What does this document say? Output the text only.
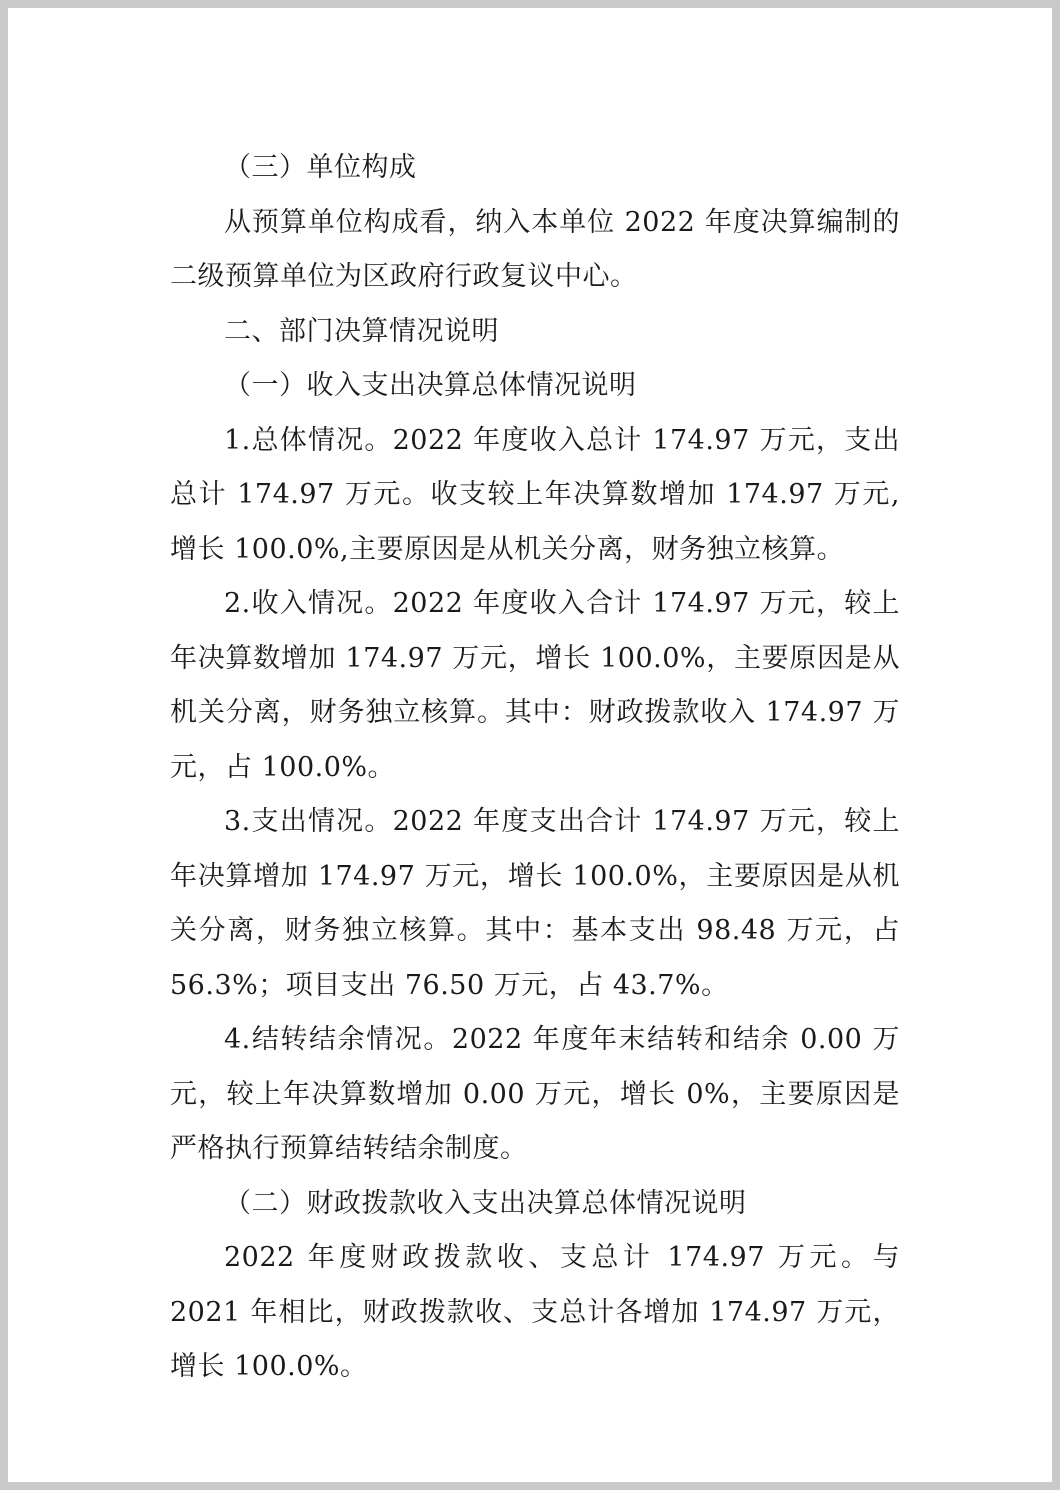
（三）单位构成

从预算单位构成看，纳入本单位 2022 年度决算编制的二级预算单位为区政府行政复议中心。

二、部门决算情况说明

（一）收入支出决算总体情况说明

1.总体情况。2022 年度收入总计 174.97 万元，支出总计 174.97 万元。收支较上年决算数增加 174.97 万元,增长 100.0%,主要原因是从机关分离，财务独立核算。

2.收入情况。2022 年度收入合计 174.97 万元，较上年决算数增加 174.97 万元，增长 100.0%，主要原因是从机关分离，财务独立核算。其中：财政拨款收入 174.97 万元，占 100.0%。

3.支出情况。2022 年度支出合计 174.97 万元，较上年决算增加 174.97 万元，增长 100.0%，主要原因是从机关分离，财务独立核算。其中：基本支出 98.48 万元，占 56.3%；项目支出 76.50 万元，占 43.7%。

4.结转结余情况。2022 年度年末结转和结余 0.00 万元，较上年决算数增加 0.00 万元，增长 0%，主要原因是严格执行预算结转结余制度。

（二）财政拨款收入支出决算总体情况说明

2022 年度财政拨款收、支总计 174.97 万元。与 2021 年相比，财政拨款收、支总计各增加 174.97 万元，增长 100.0%。
